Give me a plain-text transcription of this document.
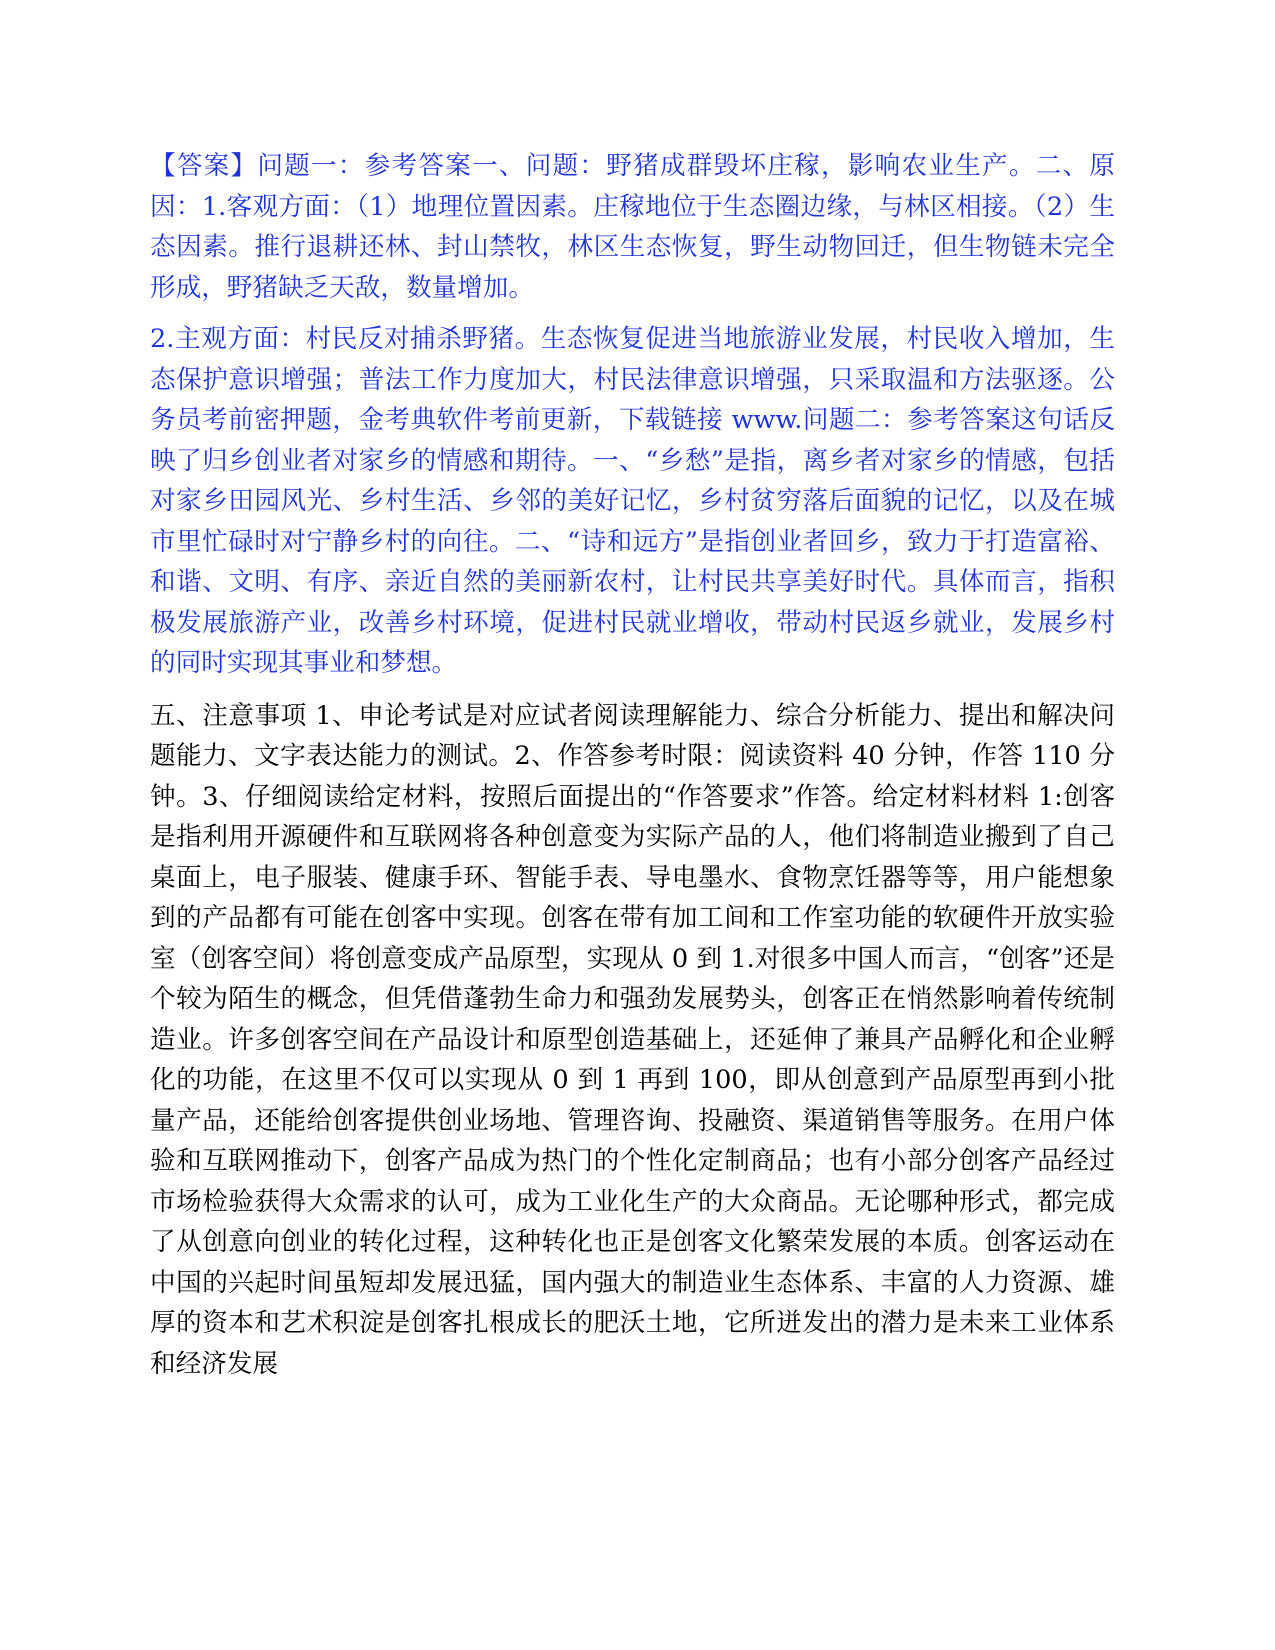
【答案】问题一：参考答案一、问题：野猪成群毁坏庄稼，影响农业生产。二、原因：1.客观方面：（1）地理位置因素。庄稼地位于生态圈边缘，与林区相接。（2）生态因素。推行退耕还林、封山禁牧，林区生态恢复，野生动物回迁，但生物链未完全形成，野猪缺乏天敌，数量增加。

2.主观方面：村民反对捕杀野猪。生态恢复促进当地旅游业发展，村民收入增加，生态保护意识增强；普法工作力度加大，村民法律意识增强，只采取温和方法驱逐。公务员考前密押题，金考典软件考前更新，下载链接 www.问题二：参考答案这句话反映了归乡创业者对家乡的情感和期待。一、“乡愁”是指，离乡者对家乡的情感，包括对家乡田园风光、乡村生活、乡邻的美好记忆，乡村贫穷落后面貌的记忆，以及在城市里忙碌时对宁静乡村的向往。二、“诗和远方”是指创业者回乡，致力于打造富裕、和谐、文明、有序、亲近自然的美丽新农村，让村民共享美好时代。具体而言，指积极发展旅游产业，改善乡村环境，促进村民就业增收，带动村民返乡就业，发展乡村的同时实现其事业和梦想。

五、注意事项 1、申论考试是对应试者阅读理解能力、综合分析能力、提出和解决问题能力、文字表达能力的测试。2、作答参考时限：阅读资料 40 分钟，作答 110 分钟。3、仔细阅读给定材料，按照后面提出的“作答要求”作答。给定材料材料 1:创客是指利用开源硬件和互联网将各种创意变为实际产品的人，他们将制造业搬到了自己桌面上，电子服装、健康手环、智能手表、导电墨水、食物烹饪器等等，用户能想象到的产品都有可能在创客中实现。创客在带有加工间和工作室功能的软硬件开放实验室（创客空间）将创意变成产品原型，实现从 0 到 1.对很多中国人而言，“创客”还是个较为陌生的概念，但凭借蓬勃生命力和强劲发展势头，创客正在悄然影响着传统制造业。许多创客空间在产品设计和原型创造基础上，还延伸了兼具产品孵化和企业孵化的功能，在这里不仅可以实现从 0 到 1 再到 100，即从创意到产品原型再到小批量产品，还能给创客提供创业场地、管理咨询、投融资、渠道销售等服务。在用户体验和互联网推动下，创客产品成为热门的个性化定制商品；也有小部分创客产品经过市场检验获得大众需求的认可，成为工业化生产的大众商品。无论哪种形式，都完成了从创意向创业的转化过程，这种转化也正是创客文化繁荣发展的本质。创客运动在中国的兴起时间虽短却发展迅猛，国内强大的制造业生态体系、丰富的人力资源、雄厚的资本和艺术积淀是创客扎根成长的肥沃土地，它所迸发出的潜力是未来工业体系和经济发展
